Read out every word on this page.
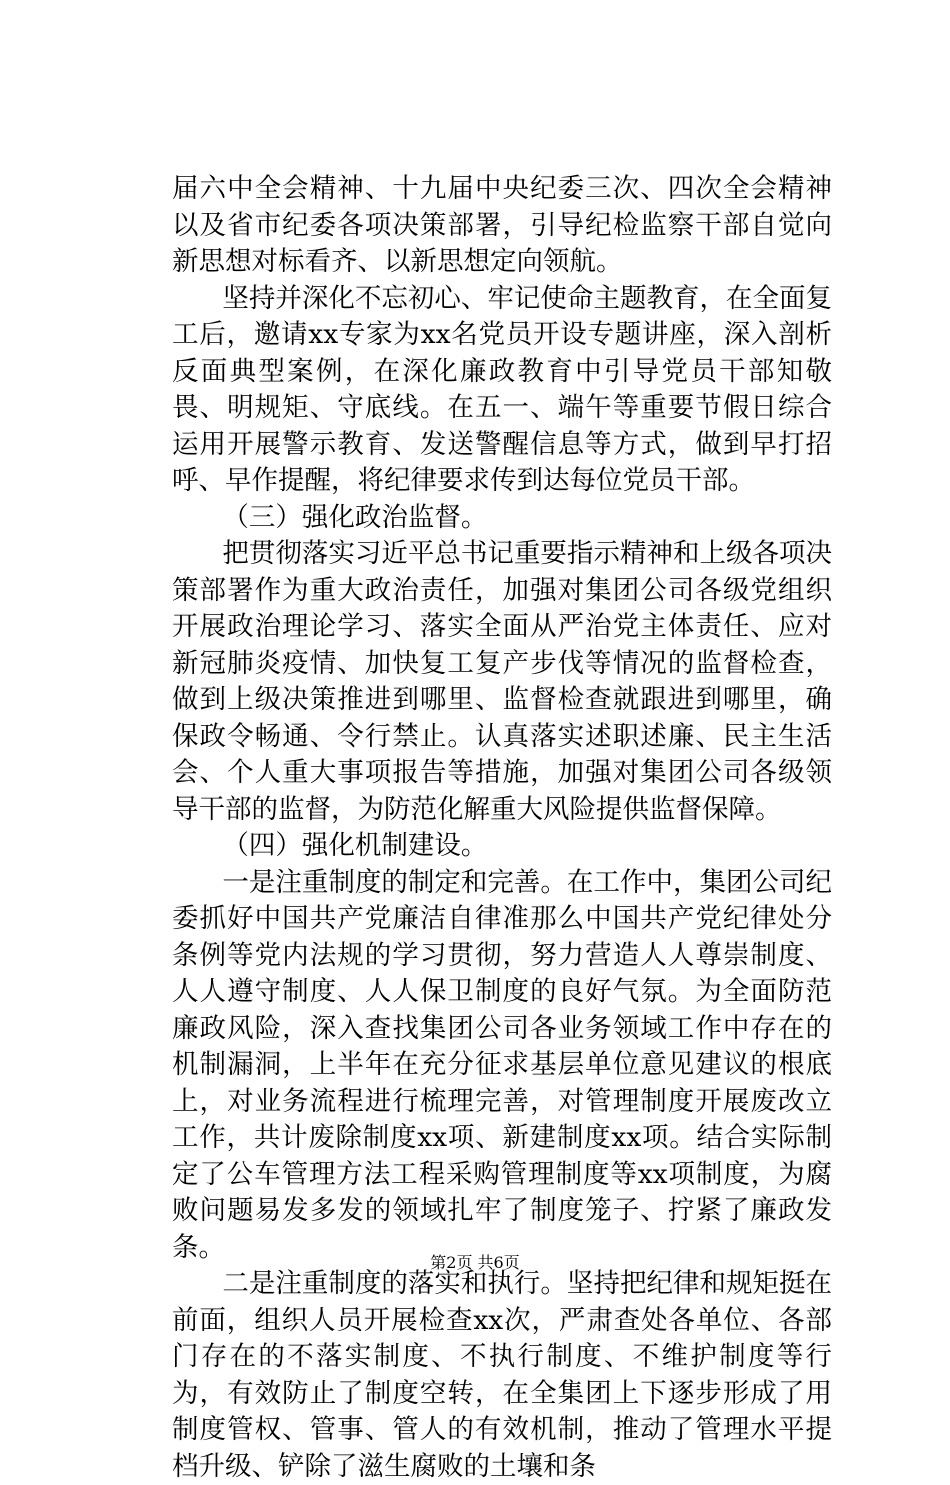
届六中全会精神、十九届中央纪委三次、四次全会精神以及省市纪委各项决策部署，引导纪检监察干部自觉向新思想对标看齐、以新思想定向领航。

坚持并深化不忘初心、牢记使命主题教育，在全面复工后，邀请xx专家为xx名党员开设专题讲座，深入剖析反面典型案例，在深化廉政教育中引导党员干部知敬畏、明规矩、守底线。在五一、端午等重要节假日综合运用开展警示教育、发送警醒信息等方式，做到早打招呼、早作提醒，将纪律要求传到达每位党员干部。

（三）强化政治监督。

把贯彻落实习近平总书记重要指示精神和上级各项决策部署作为重大政治责任，加强对集团公司各级党组织开展政治理论学习、落实全面从严治党主体责任、应对新冠肺炎疫情、加快复工复产步伐等情况的监督检查，做到上级决策推进到哪里、监督检查就跟进到哪里，确保政令畅通、令行禁止。认真落实述职述廉、民主生活会、个人重大事项报告等措施，加强对集团公司各级领导干部的监督，为防范化解重大风险提供监督保障。

（四）强化机制建设。

一是注重制度的制定和完善。在工作中，集团公司纪委抓好中国共产党廉洁自律准那么中国共产党纪律处分条例等党内法规的学习贯彻，努力营造人人尊崇制度、人人遵守制度、人人保卫制度的良好气氛。为全面防范廉政风险，深入查找集团公司各业务领域工作中存在的机制漏洞，上半年在充分征求基层单位意见建议的根底上，对业务流程进行梳理完善，对管理制度开展废改立工作，共计废除制度xx项、新建制度xx项。结合实际制定了公车管理方法工程采购管理制度等xx项制度，为腐败问题易发多发的领域扎牢了制度笼子、拧紧了廉政发条。

二是注重制度的落实和执行。坚持把纪律和规矩挺在前面，组织人员开展检查xx次，严肃查处各单位、各部门存在的不落实制度、不执行制度、不维护制度等行为，有效防止了制度空转，在全集团上下逐步形成了用制度管权、管事、管人的有效机制，推动了管理水平提档升级、铲除了滋生腐败的土壤和条

第2页 共6页
